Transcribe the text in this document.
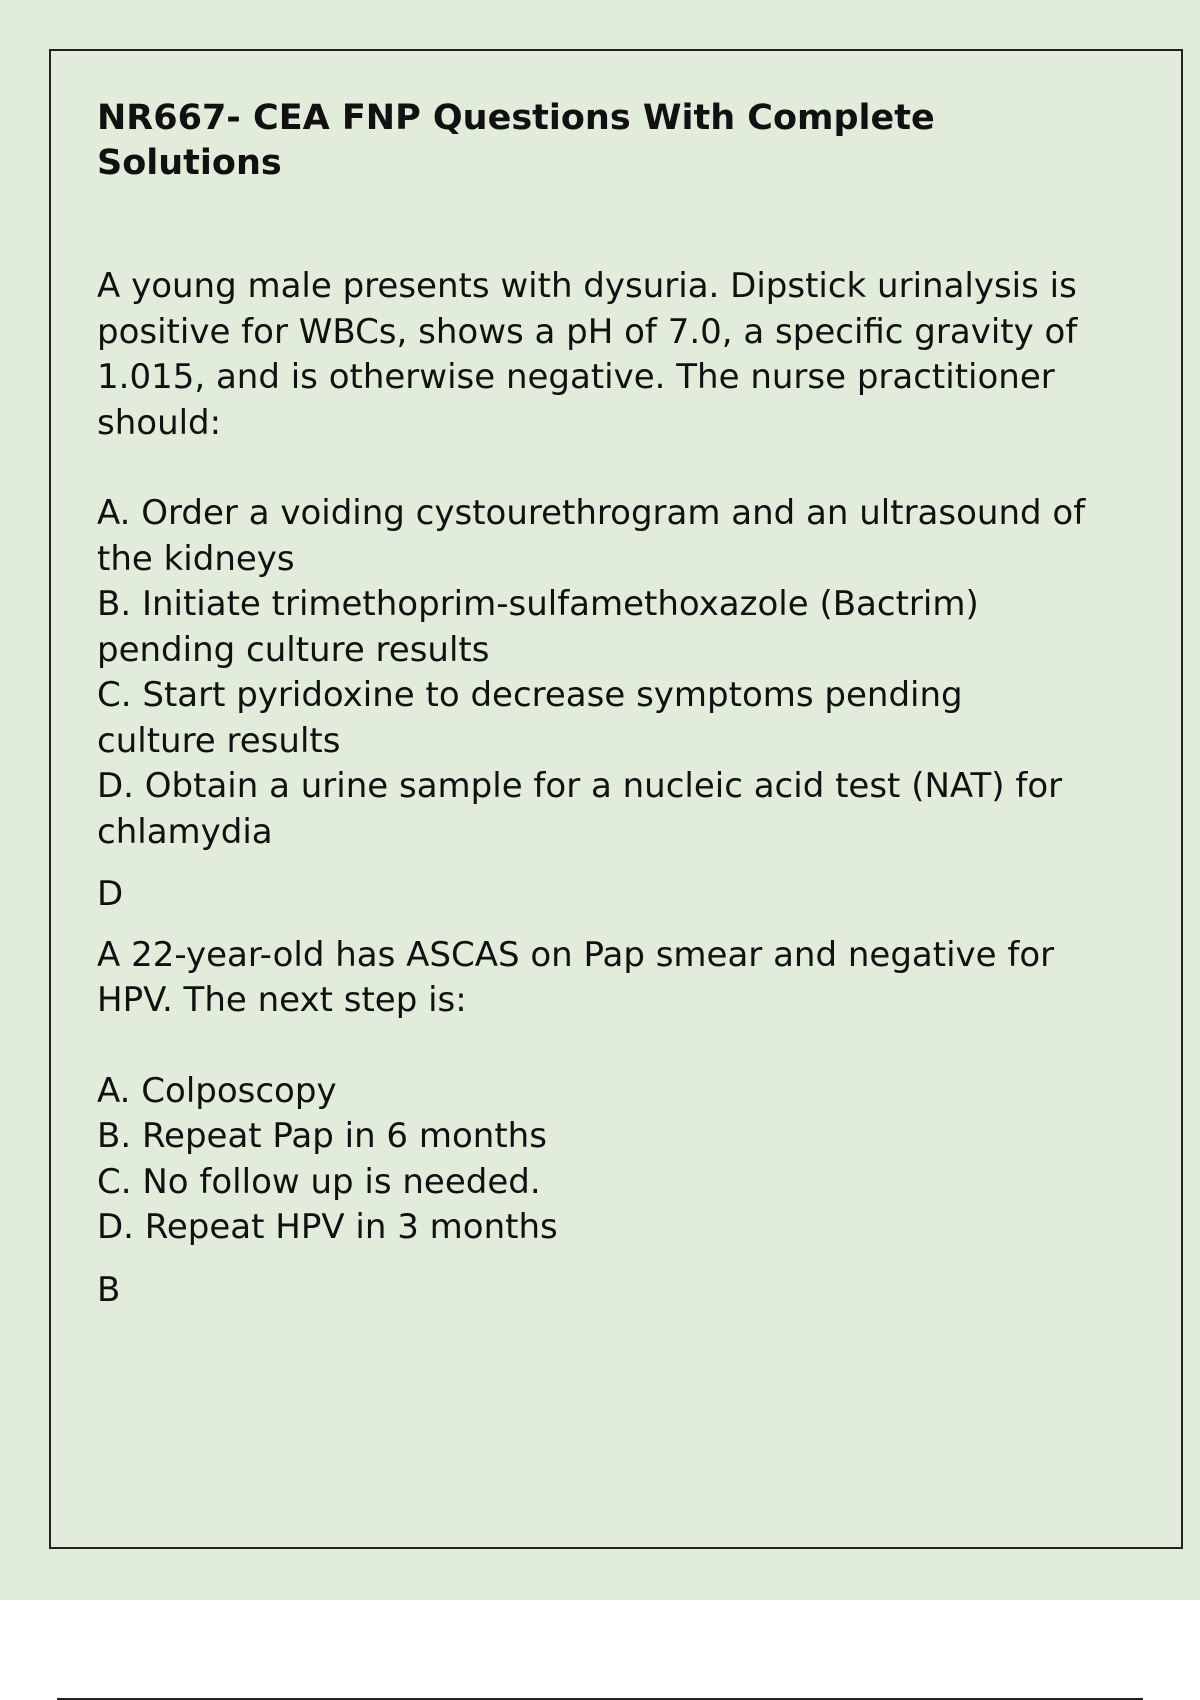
NR667- CEA FNP Questions With Complete Solutions

A young male presents with dysuria. Dipstick urinalysis is positive for WBCs, shows a pH of 7.0, a specific gravity of 1.015, and is otherwise negative. The nurse practitioner should:

A. Order a voiding cystourethrogram and an ultrasound of the kidneys
B. Initiate trimethoprim-sulfamethoxazole (Bactrim) pending culture results
C. Start pyridoxine to decrease symptoms pending culture results
D. Obtain a urine sample for a nucleic acid test (NAT) for chlamydia

D

A 22-year-old has ASCAS on Pap smear and negative for HPV. The next step is:

A. Colposcopy
B. Repeat Pap in 6 months
C. No follow up is needed.
D. Repeat HPV in 3 months

B
